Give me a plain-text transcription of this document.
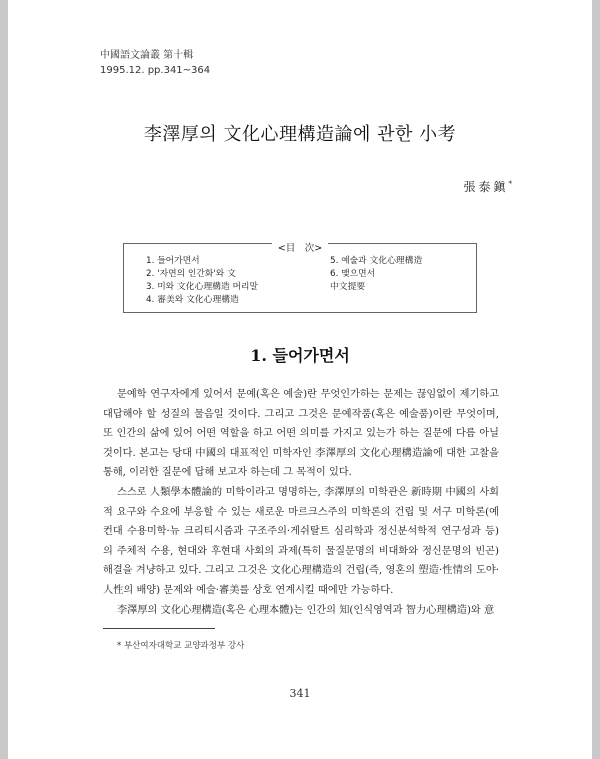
中國語文論叢 第十輯
1995.12. pp.341~364
李澤厚의 文化心理構造論에 관한 小考
張泰鎭*
<目　次>
1. 들어가면서
2. '자연의 인간화'와 文
3. 미와 文化心理構造 머리말
4. 審美와 文化心理構造
5. 예술과 文化心理構造
6. 맺으면서
中文提要
1. 들어가면서

문예학 연구자에게 있어서 문예(혹은 예술)란 무엇인가하는 문제는 끊임없이 제기하고 대답해야 할 성질의 물음일 것이다. 그리고 그것은 문예작품(혹은 예술품)이란 무엇이며, 또 인간의 삶에 있어 어떤 역할을 하고 어떤 의미를 가지고 있는가 하는 질문에 다름 아닐 것이다. 본고는 당대 中國의 대표적인 미학자인 李澤厚의 文化心理構造論에 대한 고찰을 통해, 이러한 질문에 답해 보고자 하는데 그 목적이 있다.

스스로 人類學本體論的 미학이라고 명명하는, 李澤厚의 미학관은 新時期 中國의 사회적 요구와 수요에 부응할 수 있는 새로운 마르크스주의 미학론의 건립 및 서구 미학론(예컨대 수용미학·뉴 크리티시즘과 구조주의·게쉬탈트 심리학과 정신분석학적 연구성과 등)의 주체적 수용, 현대와 후현대 사회의 과제(특히 물질문명의 비대화와 정신문명의 빈곤) 해결을 겨냥하고 있다. 그리고 그것은 文化心理構造의 건립(즉, 영혼의 塑造·性情의 도야·人性의 배양) 문제와 예술·審美를 상호 연계시킬 때에만 가능하다.

李澤厚의 文化心理構造(혹은 心理本體)는 인간의 知(인식영역과 智力心理構造)와 意

* 부산여자대학교 교양과정부 강사
341
